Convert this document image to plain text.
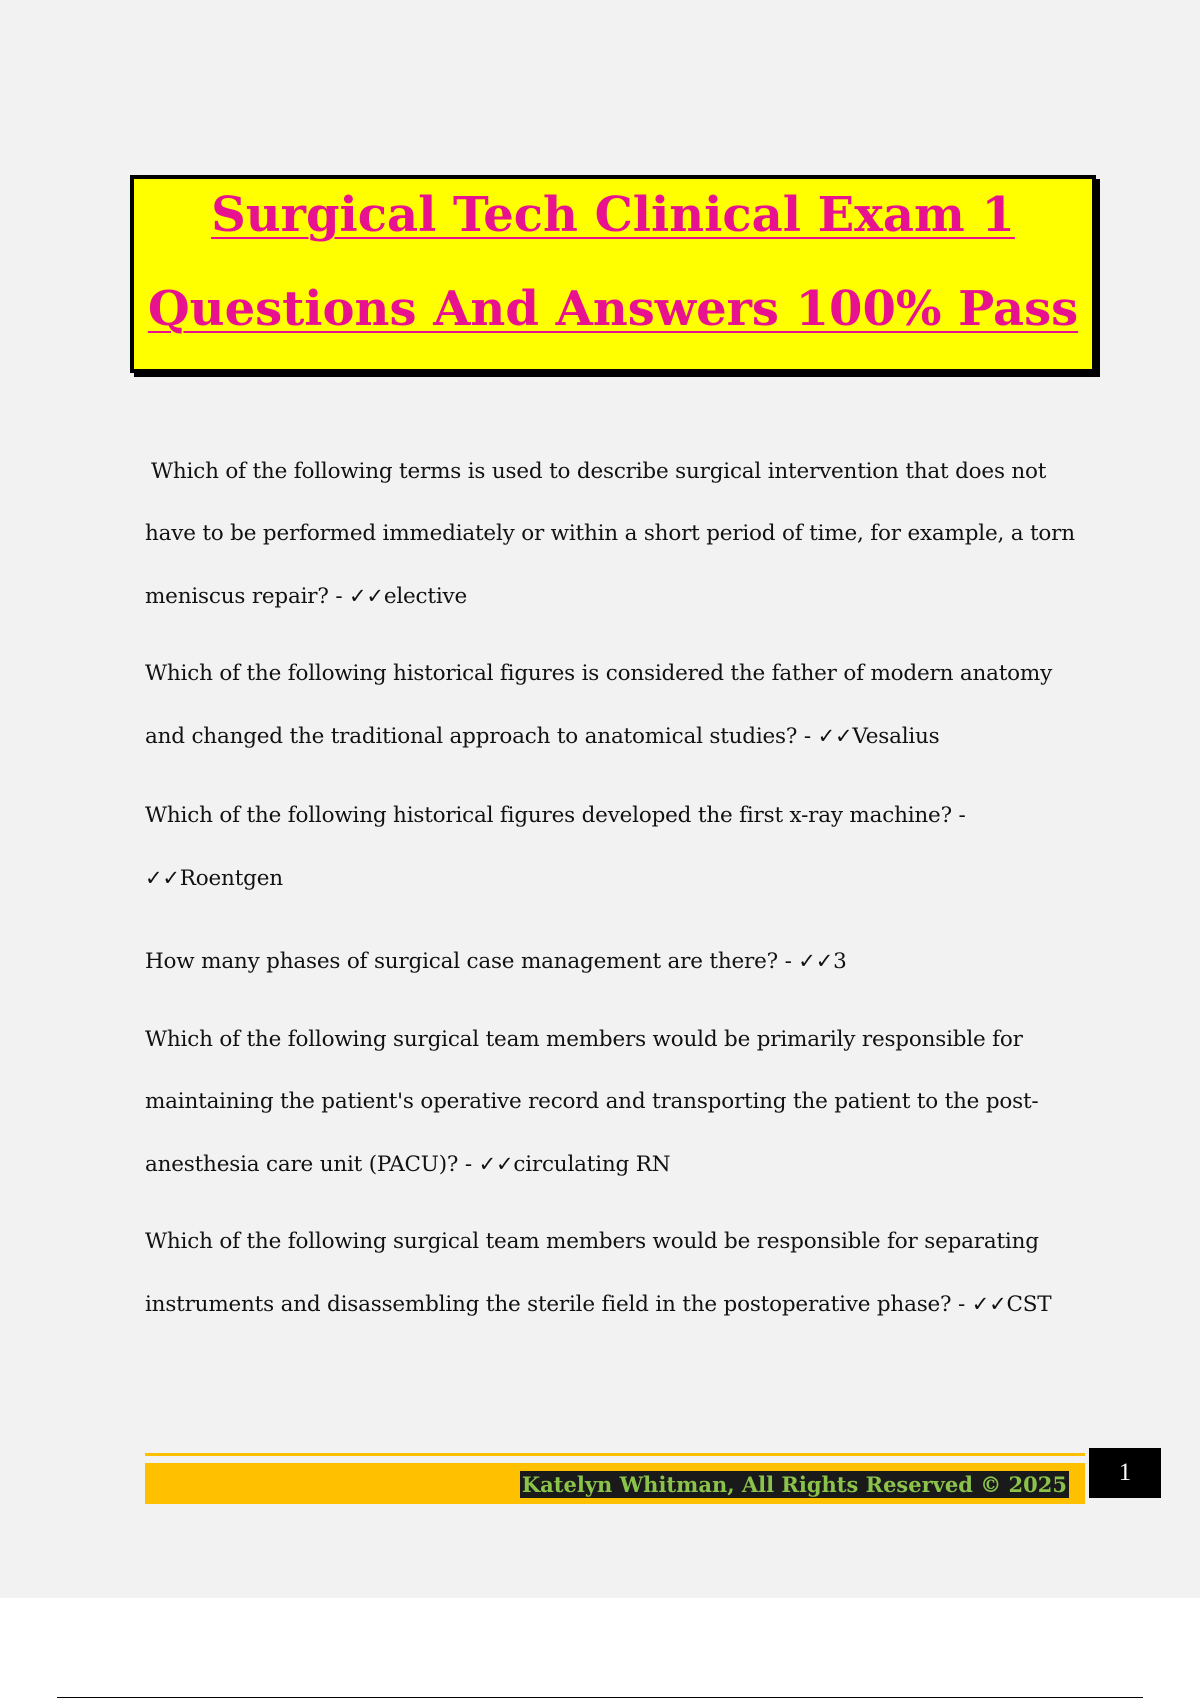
Surgical Tech Clinical Exam 1
Questions And Answers 100% Pass

Which of the following terms is used to describe surgical intervention that does not have to be performed immediately or within a short period of time, for example, a torn meniscus repair? - ✓✓elective

Which of the following historical figures is considered the father of modern anatomy and changed the traditional approach to anatomical studies? - ✓✓Vesalius

Which of the following historical figures developed the first x-ray machine? - ✓✓Roentgen

How many phases of surgical case management are there? - ✓✓3

Which of the following surgical team members would be primarily responsible for maintaining the patient's operative record and transporting the patient to the post-anesthesia care unit (PACU)? - ✓✓circulating RN

Which of the following surgical team members would be responsible for separating instruments and disassembling the sterile field in the postoperative phase? - ✓✓CST

Katelyn Whitman, All Rights Reserved © 2025	1
